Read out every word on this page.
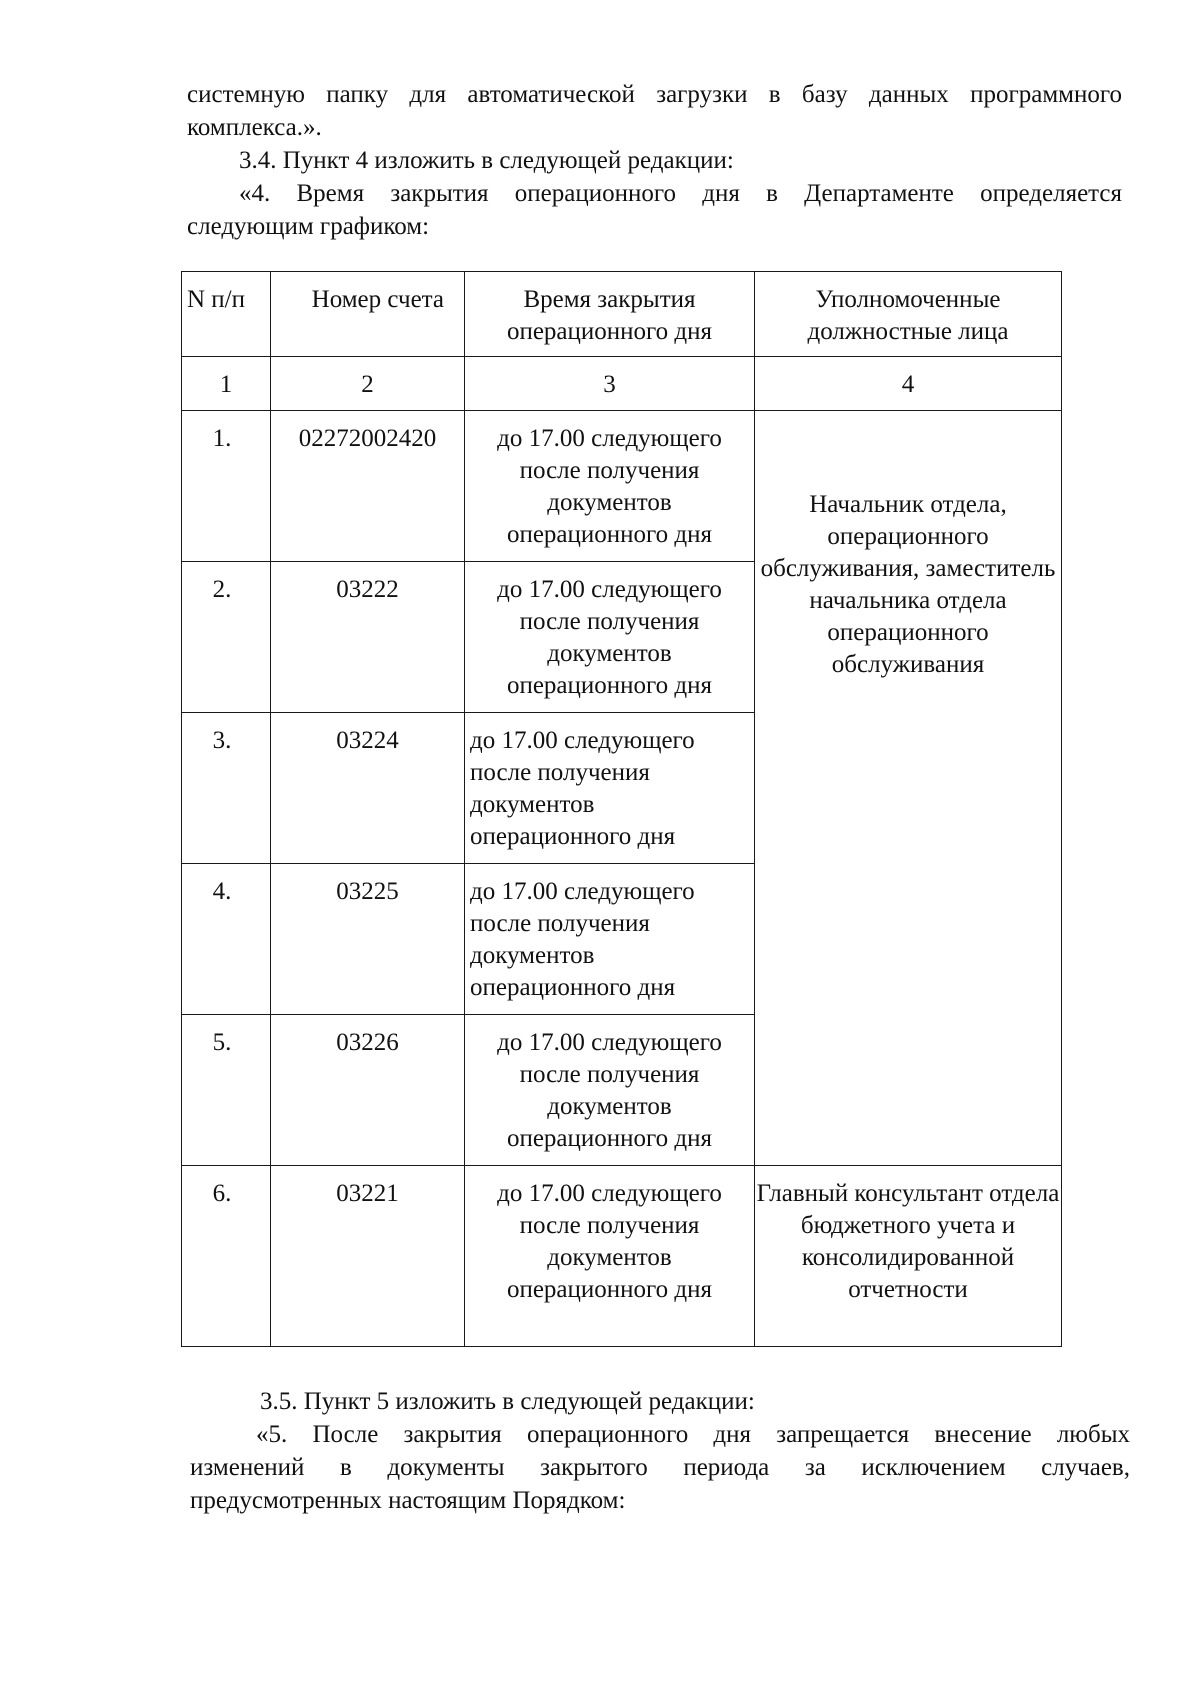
системную папку для автоматической загрузки в базу данных программного
комплекса.».
3.4. Пункт 4 изложить в следующей редакции:
«4. Время закрытия операционного дня в Департаменте определяется
следующим графиком:
N п/п	Номер счета	Время закрытия операционного дня	Уполномоченные должностные лица

1	2	3	4

1.	02272002420	до 17.00 следующего после получения документов операционного дня	Начальник отдела, операционного обслуживания, заместитель начальника отдела операционного обслуживания

2.	03222	до 17.00 следующего после получения документов операционного дня	

3.	03224	до 17.00 следующего после получения документов операционного дня	

4.	03225	до 17.00 следующего после получения документов операционного дня	

5.	03226	до 17.00 следующего после получения документов операционного дня	

6.	03221	до 17.00 следующего после получения документов операционного дня	Главный консультант отдела бюджетного учета и консолидированной отчетности
3.5. Пункт 5 изложить в следующей редакции:
«5. После закрытия операционного дня запрещается внесение любых
изменений в документы закрытого периода за исключением случаев,
предусмотренных настоящим Порядком:
